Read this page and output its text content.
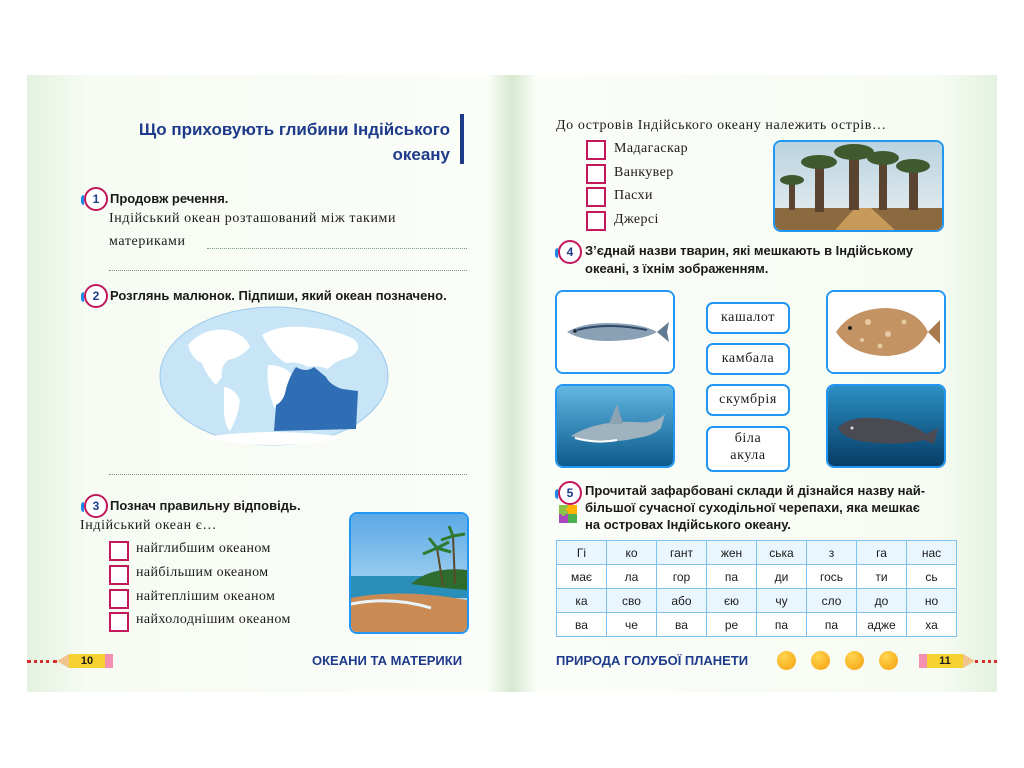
Що приховують глибини Індійського
океану
1 Продовж речення.
Індійський океан розташований між такими
материками
2 Розглянь малюнок. Підпиши, який океан позначено.
3 Познач правильну відповідь.
Індійський океан є…
найглибшим океаном
найбільшим океаном
найтеплішим океаном
найхолоднішим океаном
10	ОКЕАНИ ТА МАТЕРИКИ
До островів Індійського океану належить острів…
Мадагаскар
Ванкувер
Пасхи
Джерсі
4 З’єднай назви тварин, які мешкають в Індійському
океані, з їхнім зображенням.
кашалот
камбала
скумбрія
біла
акула
5 Прочитай зафарбовані склади й дізнайся назву най-
більшої сучасної суходільної черепахи, яка мешкає
на островах Індійського океану.
Гі	ко	гант	жен	ська	з	га	нас
має	ла	гор	па	ди	гось	ти	сь
ка	сво	або	єю	чу	сло	до	но
ва	че	ва	ре	па	па	адже	ха
ПРИРОДА ГОЛУБОЇ ПЛАНЕТИ	11
